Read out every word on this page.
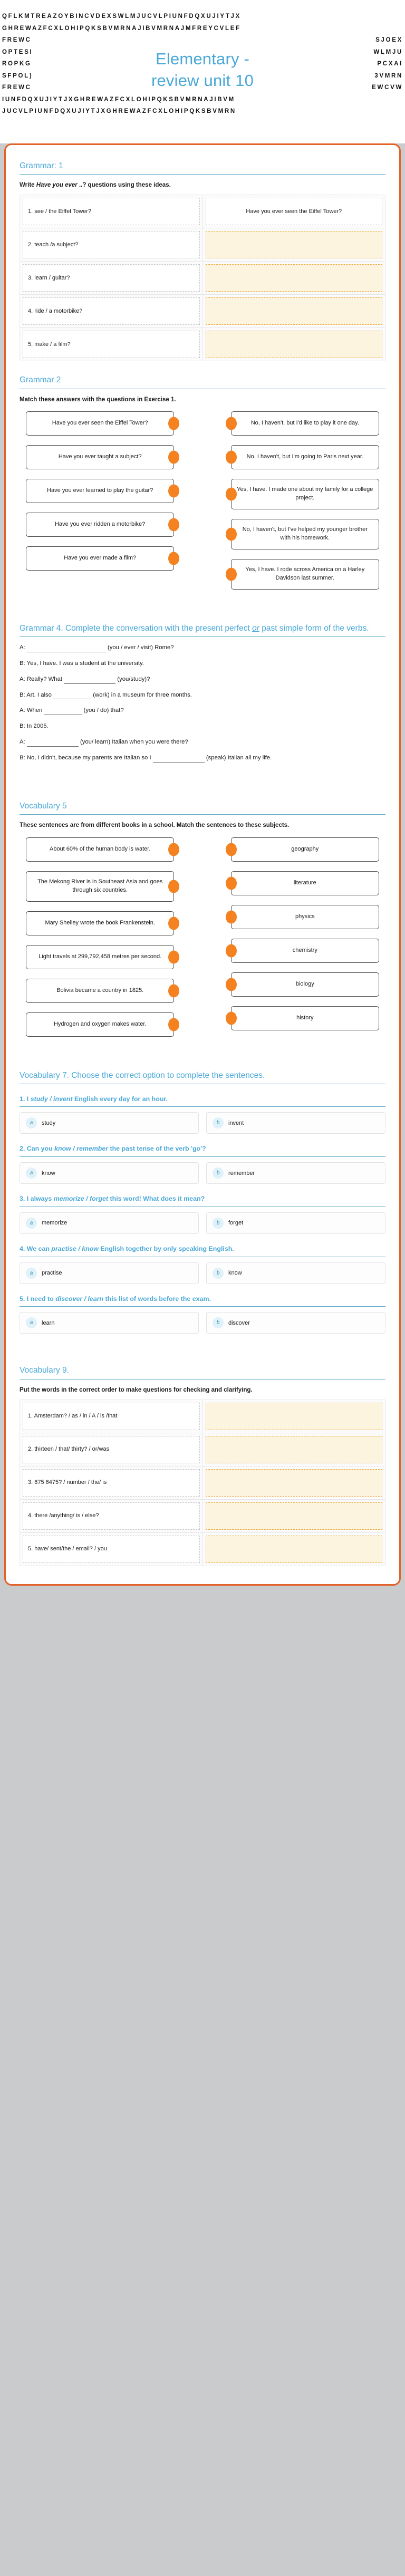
QFLKMTREAZOYBINCVDEXSWLMJUCVLPIUNFDQXUJIYTJX
GHREWAZFCXLOHIPQKSBVMRNAJIBVMRNAJMFREYCVLEF
FREWC	SJOEX
OPTESI	WLMJU
ROPKG	PCXAI
SFPOL)	3VMRN
FREWC	EWCVW
IUNFDQXUJIYTJXGHREWAZFCXLOHIPQKSBVMRNAJIBVM
JUCVLPIUNFDQXUJIYTJXGHREWAZFCXLOHIPQKSBVMRN
Elementary -
review unit 10
Grammar: 1
Write Have you ever ..? questions using these ideas.
1. see / the Eiffel Tower?	Have you ever seen the Eiffel Tower?

2. teach /a subject?	

3. learn / guitar?	

4. ride / a motorbike?	

5. make / a film?	

Grammar 2
Match these answers with the questions in Exercise 1.
Have you ever seen the Eiffel Tower?
Have you ever taught a subject?
Have you ever learned to play the guitar?
Have you ever ridden a motorbike?
Have you ever made a film?
No, I haven't, but I'd like to play it one day.
No, I haven't, but I'm going to Paris next year.
Yes, I have. I made one about my family for a college project.
No, I haven't, but I've helped my younger brother with his homework.
Yes, I have. I rode across America on a Harley Davidson last summer.
Grammar 4. Complete the conversation with the present perfect or past simple form of the verbs.
A:	(you / ever / visit) Rome?
B: Yes, I have. I was a student at the university.
A: Really? What	(you/study)?
B: Art. I also	(work) in a museum for three months.
A: When	(you / do) that?
B: In 2005.
A:	(you/ learn) Italian when you were there?
B: No, I didn't, because my parents are Italian so I	(speak) Italian all my life.
Vocabulary 5
These sentences are from different books in a school. Match the sentences to these subjects.
About 60% of the human body is water.
The Mekong River is in Southeast Asia and goes through six countries.
Mary Shelley wrote the book Frankenstein.
Light travels at 299,792,458 metres per second.
Bolivia became a country in 1825.
Hydrogen and oxygen makes water.
geography
literature
physics
chemistry
biology
history
Vocabulary 7. Choose the correct option to complete the sentences.
1. I study / invent English every day for an hour.
a	study	b	invent
2. Can you know / remember the past tense of the verb 'go'?
a	know	b	remember
3. I always memorize / forget this word! What does it mean?
a	memorize	b	forget
4. We can practise / know English together by only speaking English.
a	practise	b	know
5. I need to discover / learn this list of words before the exam.
a	learn	b	discover
Vocabulary 9.
Put the words in the correct order to make questions for checking and clarifying.
1. Amsterdam? / as / in / A / is /that	

2. thirteen / that/ thirty? / or/was	

3. 675 6475? / number / the/ is	

4. there /anything/ is / else?	

5. have/ sent/the / email? / you	
